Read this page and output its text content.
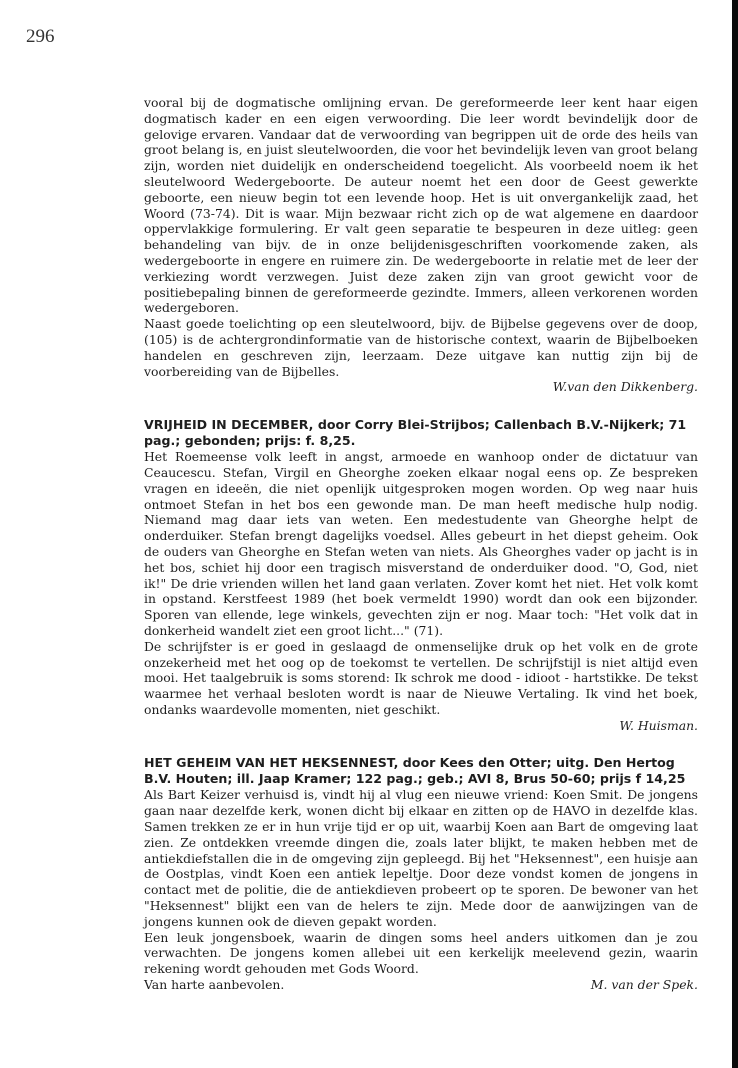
296

vooral bij de dogmatische omlijning ervan. De gereformeerde leer kent haar eigen dogmatisch kader en een eigen verwoording. Die leer wordt bevindelijk door de gelovige ervaren. Vandaar dat de verwoording van begrippen uit de orde des heils van groot belang is, en juist sleutelwoorden, die voor het bevindelijk leven van groot belang zijn, worden niet duidelijk en onderscheidend toegelicht. Als voorbeeld noem ik het sleutelwoord Wedergeboorte. De auteur noemt het een door de Geest gewerkte geboorte, een nieuw begin tot een levende hoop. Het is uit onvergankelijk zaad, het Woord (73-74). Dit is waar. Mijn bezwaar richt zich op de wat algemene en daardoor oppervlakkige formulering. Er valt geen separatie te bespeuren in deze uitleg: geen behandeling van bijv. de in onze belijdenisgeschriften voorkomende zaken, als wedergeboorte in engere en ruimere zin. De wedergeboorte in relatie met de leer der verkiezing wordt verzwegen. Juist deze zaken zijn van groot gewicht voor de positiebepaling binnen de gereformeerde gezindte. Immers, alleen verkorenen worden wedergeboren.

Naast goede toelichting op een sleutelwoord, bijv. de Bijbelse gegevens over de doop, (105) is de achtergrondinformatie van de historische context, waarin de Bijbelboeken handelen en geschreven zijn, leerzaam. Deze uitgave kan nuttig zijn bij de voorbereiding van de Bijbelles.

W.van den Dikkenberg.

VRIJHEID IN DECEMBER, door Corry Blei-Strijbos; Callenbach B.V.-Nijkerk; 71 pag.; gebonden; prijs: f. 8,25.

Het Roemeense volk leeft in angst, armoede en wanhoop onder de dictatuur van Ceaucescu. Stefan, Virgil en Gheorghe zoeken elkaar nogal eens op. Ze bespreken vragen en ideeën, die niet openlijk uitgesproken mogen worden. Op weg naar huis ontmoet Stefan in het bos een gewonde man. De man heeft medische hulp nodig. Niemand mag daar iets van weten. Een medestudente van Gheorghe helpt de onderduiker. Stefan brengt dagelijks voedsel. Alles gebeurt in het diepst geheim. Ook de ouders van Gheorghe en Stefan weten van niets. Als Gheorghes vader op jacht is in het bos, schiet hij door een tragisch misverstand de onderduiker dood. "O, God, niet ik!" De drie vrienden willen het land gaan verlaten. Zover komt het niet. Het volk komt in opstand. Kerstfeest 1989 (het boek vermeldt 1990) wordt dan ook een bijzonder. Sporen van ellende, lege winkels, gevechten zijn er nog. Maar toch: "Het volk dat in donkerheid wandelt ziet een groot licht..." (71).

De schrijfster is er goed in geslaagd de onmenselijke druk op het volk en de grote onzekerheid met het oog op de toekomst te vertellen. De schrijfstijl is niet altijd even mooi. Het taalgebruik is soms storend: Ik schrok me dood - idioot - hartstikke. De tekst waarmee het verhaal besloten wordt is naar de Nieuwe Vertaling. Ik vind het boek, ondanks waardevolle momenten, niet geschikt.

W. Huisman.

HET GEHEIM VAN HET HEKSENNEST, door Kees den Otter; uitg. Den Hertog B.V. Houten; ill. Jaap Kramer; 122 pag.; geb.; AVI 8, Brus 50-60; prijs f 14,25

Als Bart Keizer verhuisd is, vindt hij al vlug een nieuwe vriend: Koen Smit. De jongens gaan naar dezelfde kerk, wonen dicht bij elkaar en zitten op de HAVO in dezelfde klas. Samen trekken ze er in hun vrije tijd er op uit, waarbij Koen aan Bart de omgeving laat zien. Ze ontdekken vreemde dingen die, zoals later blijkt, te maken hebben met de antiekdiefstallen die in de omgeving zijn gepleegd. Bij het "Heksennest", een huisje aan de Oostplas, vindt Koen een antiek lepeltje. Door deze vondst komen de jongens in contact met de politie, die de antiekdieven probeert op te sporen. De bewoner van het "Heksennest" blijkt een van de helers te zijn. Mede door de aanwijzingen van de jongens kunnen ook de dieven gepakt worden.

Een leuk jongensboek, waarin de dingen soms heel anders uitkomen dan je zou verwachten. De jongens komen allebei uit een kerkelijk meelevend gezin, waarin rekening wordt gehouden met Gods Woord.

Van harte aanbevolen.	M. van der Spek.
